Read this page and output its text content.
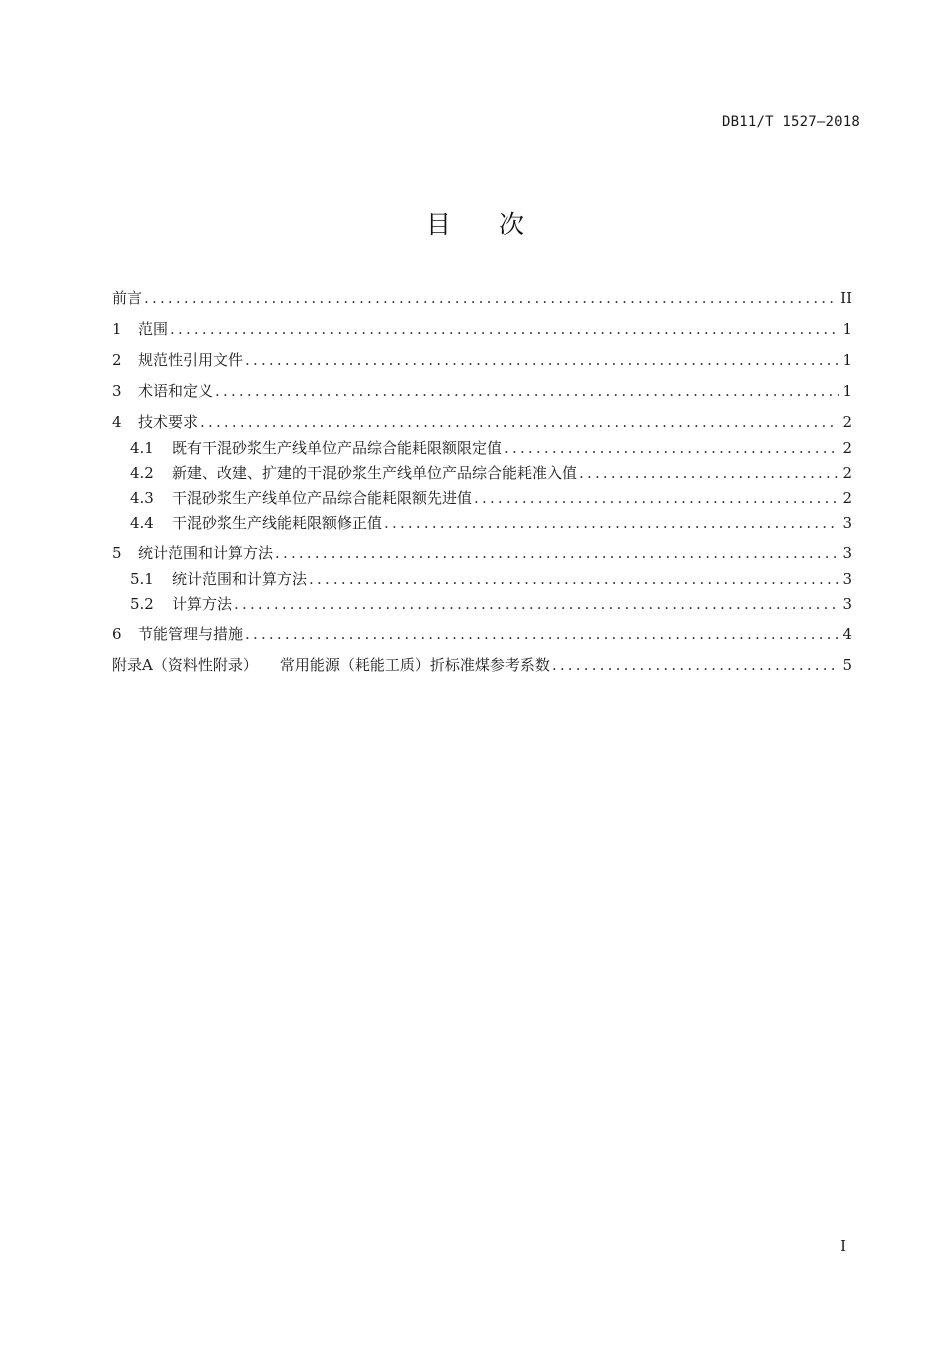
DB11/T 1527—2018
目次
前言 .....	II
1	范围 .....	1
2	规范性引用文件 .....	1
3	术语和定义 .....	1
4	技术要求 .....	2
4.1	既有干混砂浆生产线单位产品综合能耗限额限定值 .....	2
4.2	新建、改建、扩建的干混砂浆生产线单位产品综合能耗准入值 .....	2
4.3	干混砂浆生产线单位产品综合能耗限额先进值 .....	2
4.4	干混砂浆生产线能耗限额修正值 .....	3
5	统计范围和计算方法 .....	3
5.1	统计范围和计算方法 .....	3
5.2	计算方法 .....	3
6	节能管理与措施 .....	4
附录A（资料性附录） 常用能源（耗能工质）折标准煤参考系数 .....	5
I
